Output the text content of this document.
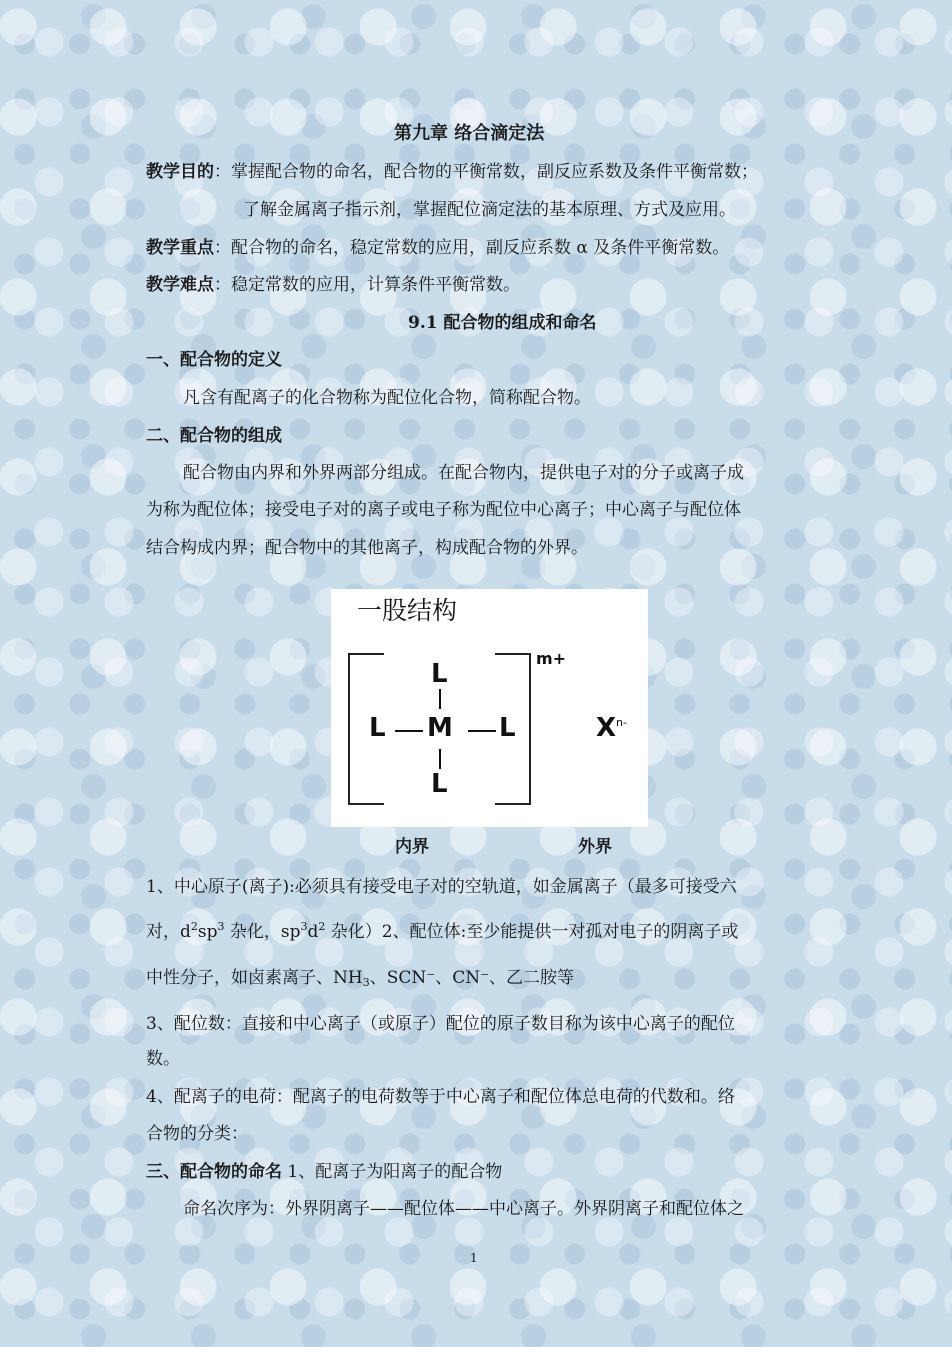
第九章 络合滴定法
教学目的：掌握配合物的命名，配合物的平衡常数，副反应系数及条件平衡常数；
了解金属离子指示剂，掌握配位滴定法的基本原理、方式及应用。
教学重点：配合物的命名，稳定常数的应用，副反应系数 α 及条件平衡常数。
教学难点：稳定常数的应用，计算条件平衡常数。
9.1 配合物的组成和命名
一、配合物的定义
凡含有配离子的化合物称为配位化合物，简称配合物。
二、配合物的组成
配合物由内界和外界两部分组成。在配合物内，提供电子对的分子或离子成
为称为配位体；接受电子对的离子或电子称为配位中心离子；中心离子与配位体
结合构成内界；配合物中的其他离子，构成配合物的外界。
一股结构
m+
L
L M L
L
$X^{n-}$
内界	外界
1、中心原子(离子):必须具有接受电子对的空轨道，如金属离子（最多可接受六
对，$d^2sp^3$ 杂化，$sp^3d^2$ 杂化）2、配位体:至少能提供一对孤对电子的阴离子或
中性分子，如卤素离子、$NH_3$、SCN⁻、CN⁻、乙二胺等
3、配位数：直接和中心离子（或原子）配位的原子数目称为该中心离子的配位
数。
4、配离子的电荷：配离子的电荷数等于中心离子和配位体总电荷的代数和。络
合物的分类：
三、配合物的命名 1、配离子为阳离子的配合物
命名次序为：外界阴离子——配位体——中心离子。外界阴离子和配位体之
1
